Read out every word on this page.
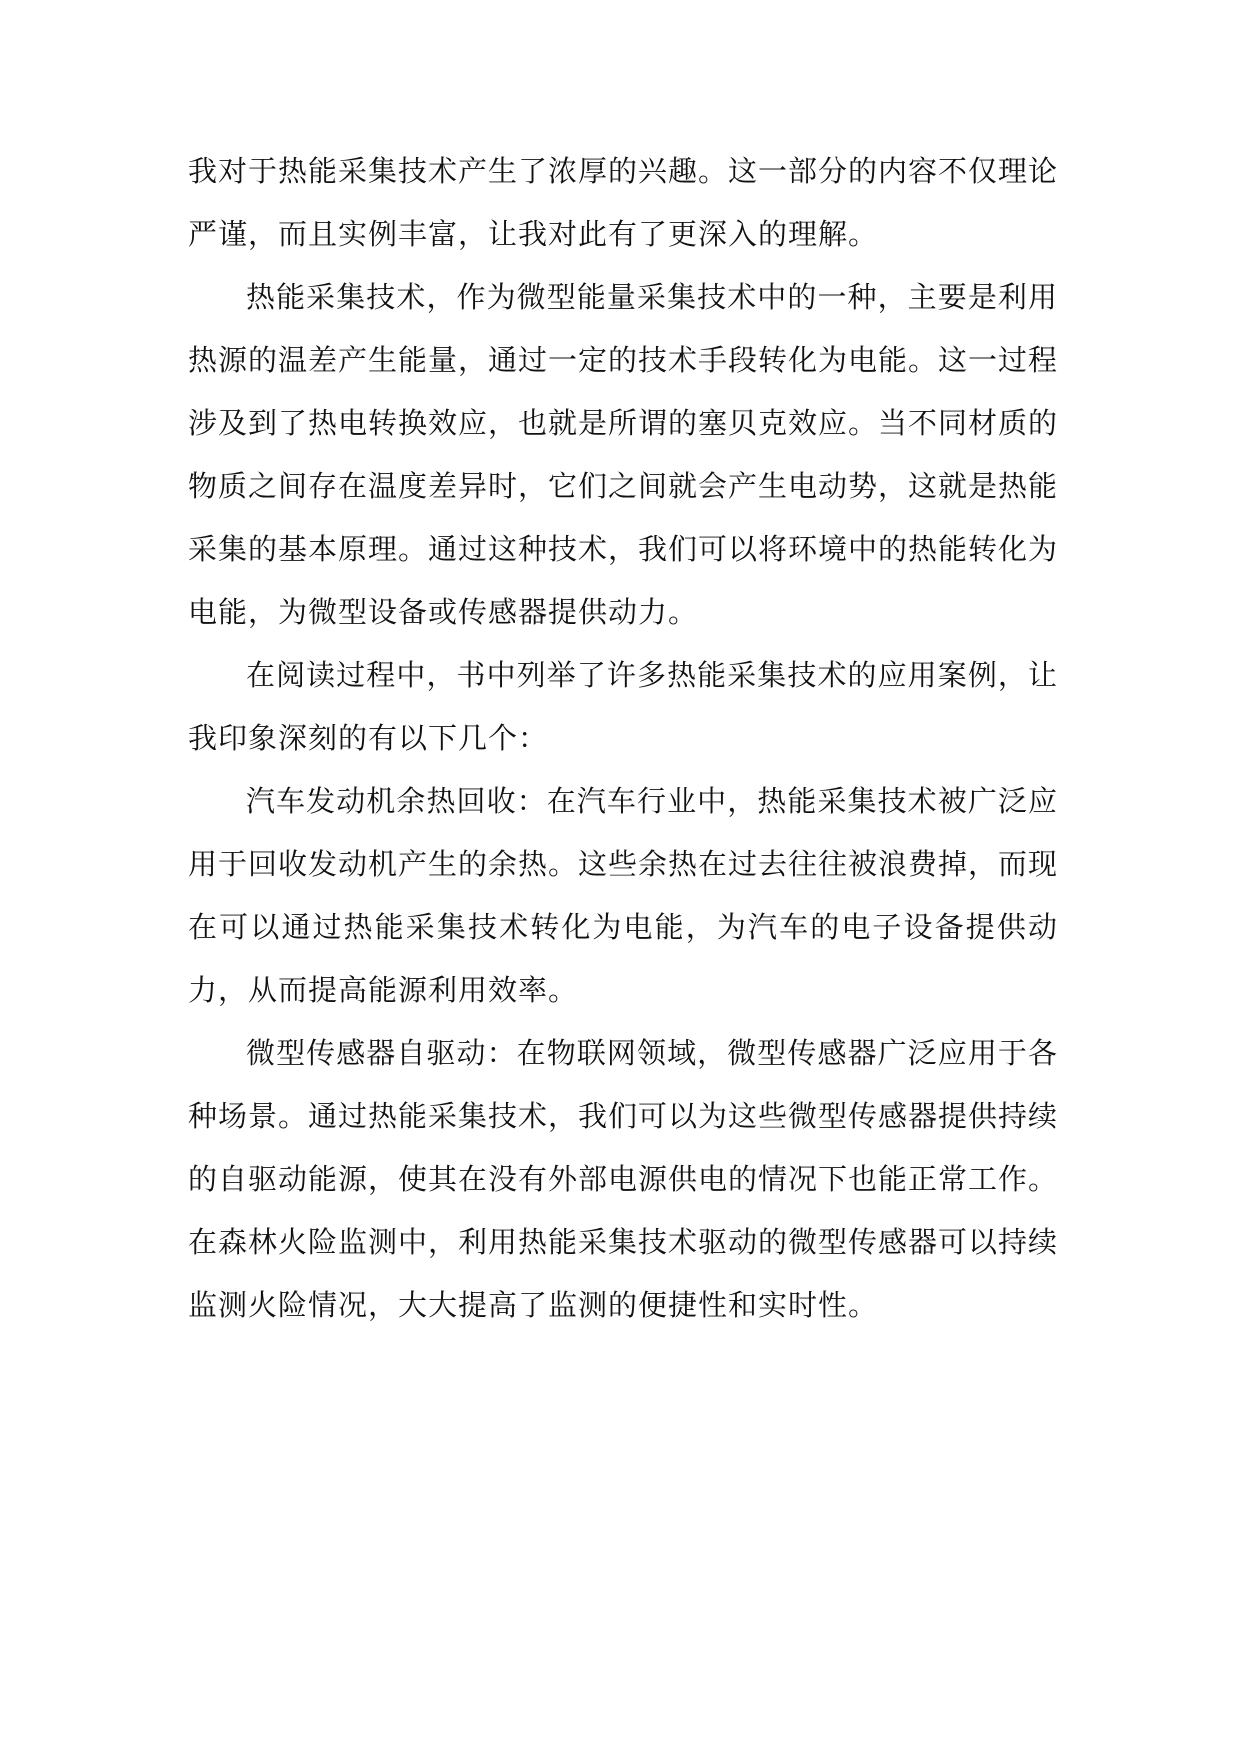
我对于热能采集技术产生了浓厚的兴趣。这一部分的内容不仅理论严谨，而且实例丰富，让我对此有了更深入的理解。

热能采集技术，作为微型能量采集技术中的一种，主要是利用热源的温差产生能量，通过一定的技术手段转化为电能。这一过程涉及到了热电转换效应，也就是所谓的塞贝克效应。当不同材质的物质之间存在温度差异时，它们之间就会产生电动势，这就是热能采集的基本原理。通过这种技术，我们可以将环境中的热能转化为电能，为微型设备或传感器提供动力。

在阅读过程中，书中列举了许多热能采集技术的应用案例，让我印象深刻的有以下几个：

汽车发动机余热回收：在汽车行业中，热能采集技术被广泛应用于回收发动机产生的余热。这些余热在过去往往被浪费掉，而现在可以通过热能采集技术转化为电能，为汽车的电子设备提供动力，从而提高能源利用效率。

微型传感器自驱动：在物联网领域，微型传感器广泛应用于各种场景。通过热能采集技术，我们可以为这些微型传感器提供持续的自驱动能源，使其在没有外部电源供电的情况下也能正常工作。在森林火险监测中，利用热能采集技术驱动的微型传感器可以持续监测火险情况，大大提高了监测的便捷性和实时性。
